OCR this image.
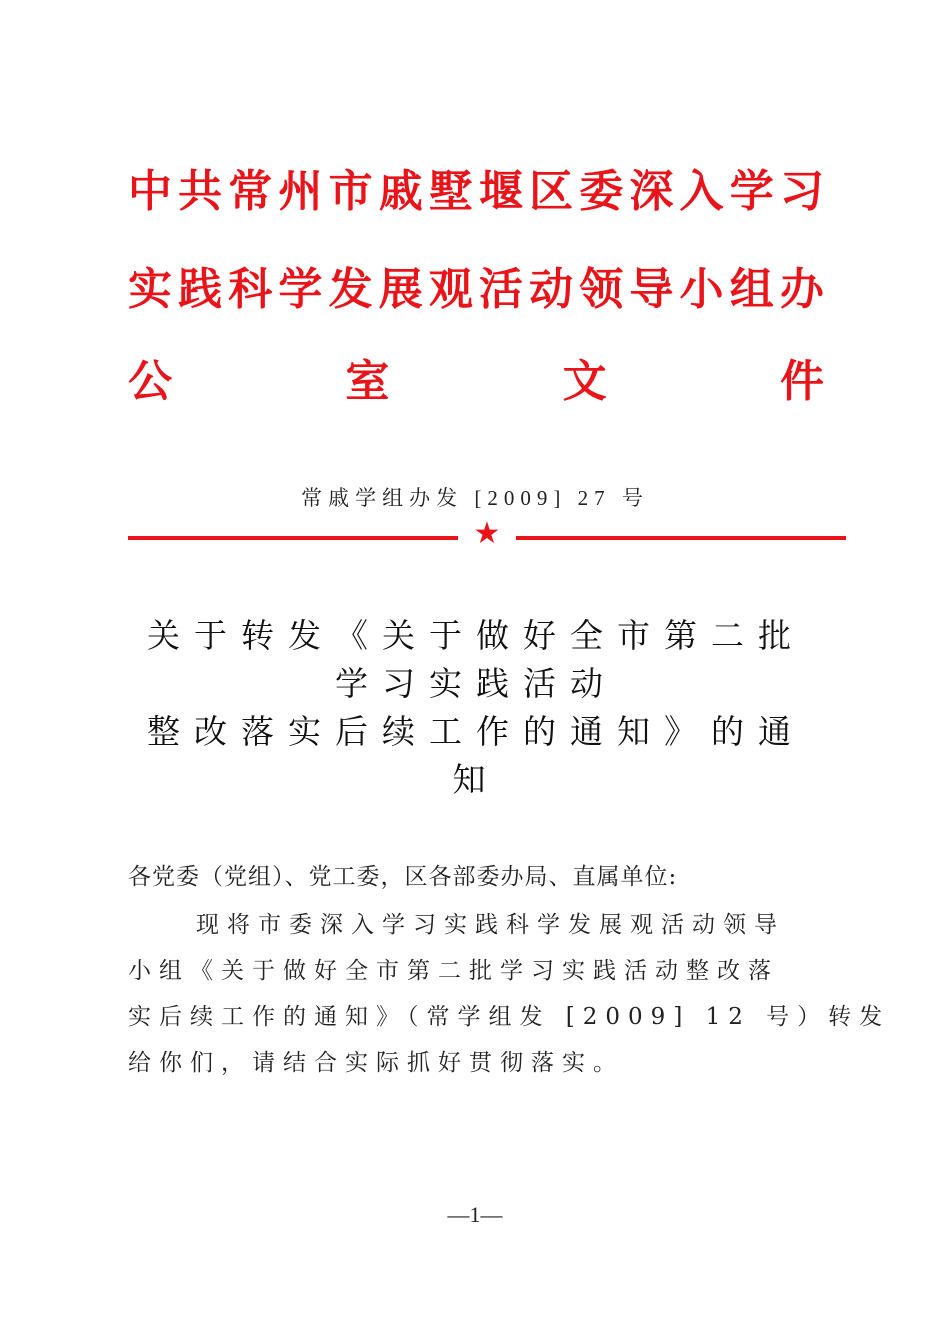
中 共 常 州 市 戚 墅 堰 区 委 深 入 学 习
实 践 科 学 发 展 观 活 动 领 导 小 组 办
公	室	文	件
常戚学组办发 [2009] 27 号
★
关于转发《关于做好全市第二批
学习实践活动
整改落实后续工作的通知》的通
知
各党委（党组）、党工委，区各部委办局、直属单位:
现将市委深入学习实践科学发展观活动领导
小组《关于做好全市第二批学习实践活动整改落
实后续工作的通知》（常学组发 [2009] 12 号）转发
给你们，请结合实际抓好贯彻落实。
—1—
